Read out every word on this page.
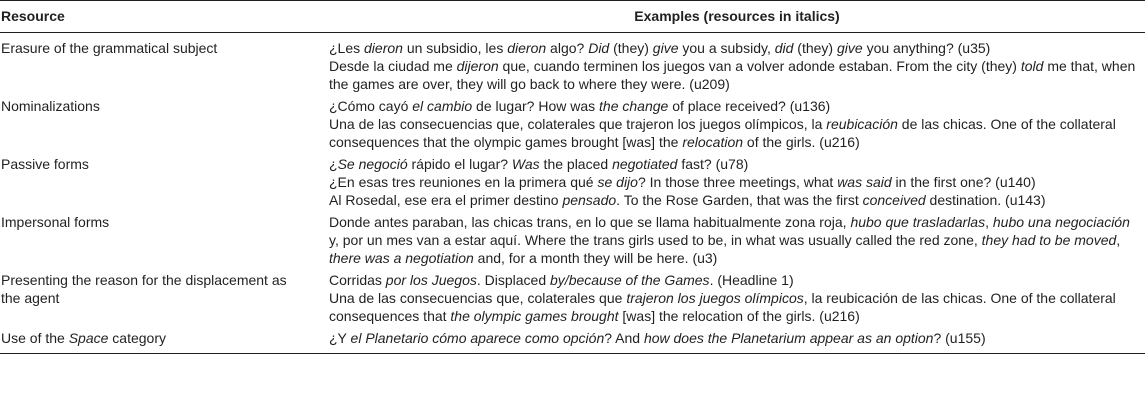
Resource	Examples (resources in italics)
Erasure of the grammatical subject	¿Les dieron un subsidio, les dieron algo? Did (they) give you a subsidy, did (they) give you anything? (u35)

Desde la ciudad me dijeron que, cuando terminen los juegos van a volver adonde estaban. From the city (they) told me that, when the games are over, they will go back to where they were. (u209)

Nominalizations	¿Cómo cayó el cambio de lugar? How was the change of place received? (u136)

Una de las consecuencias que, colaterales que trajeron los juegos olímpicos, la reubicación de las chicas. One of the collateral consequences that the olympic games brought [was] the relocation of the girls. (u216)

Passive forms	¿Se negoció rápido el lugar? Was the placed negotiated fast? (u78)

¿En esas tres reuniones en la primera qué se dijo? In those three meetings, what was said in the first one? (u140)

Al Rosedal, ese era el primer destino pensado. To the Rose Garden, that was the first conceived destination. (u143)

Impersonal forms	Donde antes paraban, las chicas trans, en lo que se llama habitualmente zona roja, hubo que trasladarlas, hubo una negociación y, por un mes van a estar aquí. Where the trans girls used to be, in what was usually called the red zone, they had to be moved, there was a negotiation and, for a month they will be here. (u3)

Presenting the reason for the displacement as the agent	Corridas por los Juegos. Displaced by/because of the Games. (Headline 1)

Una de las consecuencias que, colaterales que trajeron los juegos olímpicos, la reubicación de las chicas. One of the collateral consequences that the olympic games brought [was] the relocation of the girls. (u216)

Use of the Space category	¿Y el Planetario cómo aparece como opción? And how does the Planetarium appear as an option? (u155)
